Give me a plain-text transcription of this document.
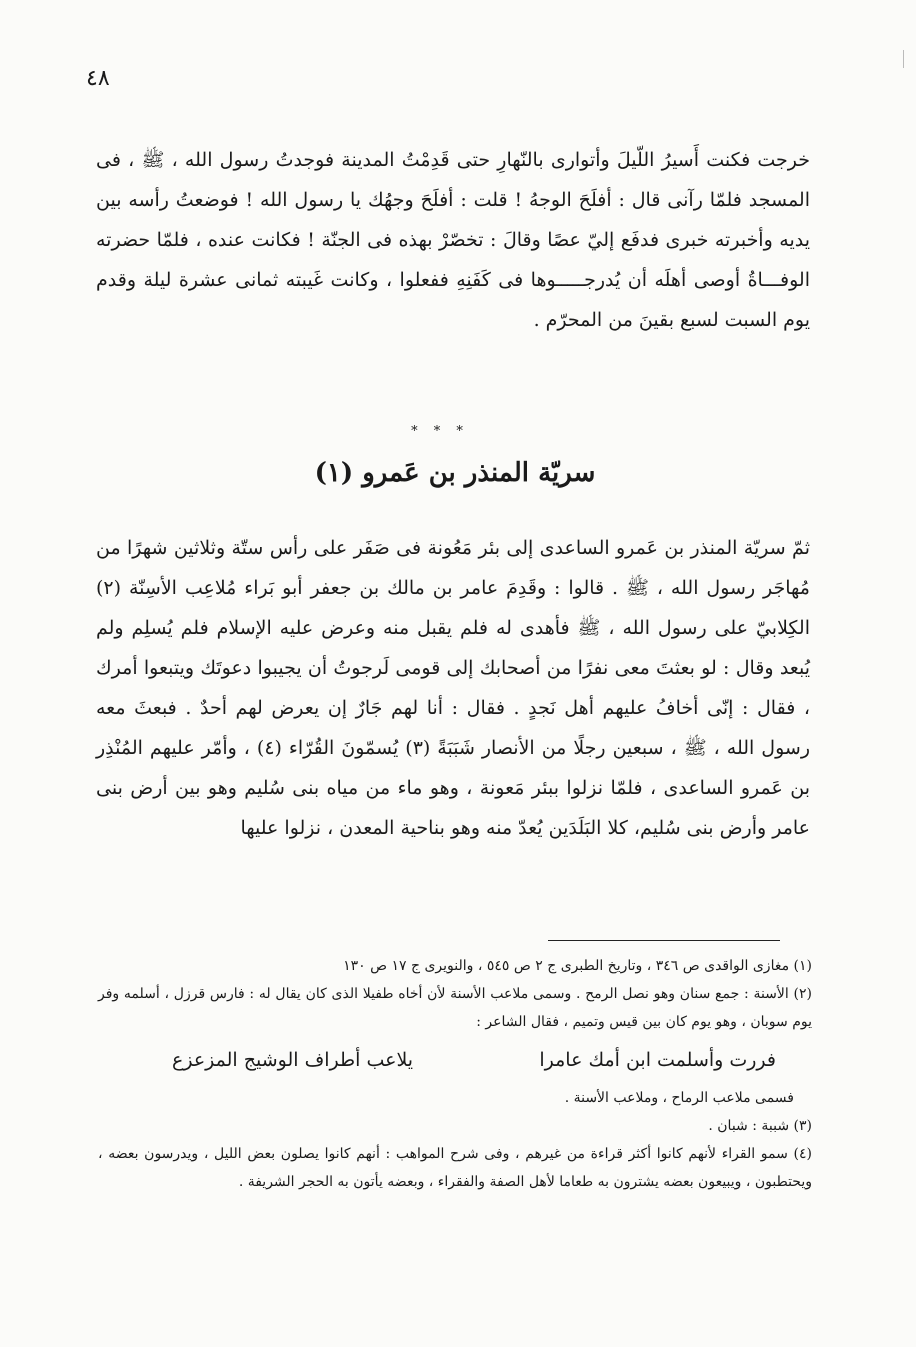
٤٨

خرجت فكنت أَسيرُ اللّيلَ وأتوارى بالنّهارِ حتى قَدِمْتُ المدينة فوجدتُ رسول الله ، ﷺ ، فى المسجد فلمّا رآنى قال : أفلَحَ الوجهُ ! قلت : أفلَحَ وجهُك يا رسول الله ! فوضعتُ رأسه بين يديه وأخبرته خبرى فدفَع إليّ عصًا وقالَ : تخصّرْ بهذه فى الجنّة ! فكانت عنده ، فلمّا حضرته الوفـــاةُ أوصى أهلَه أن يُدرجـــــوها فى كَفَنِهِ ففعلوا ، وكانت غَيبته ثمانى عشرة ليلة وقدم يوم السبت لسبع بقينَ من المحرّم .

* * *
سريّة المنذر بن عَمرو (١)

ثمّ سريّة المنذر بن عَمرو الساعدى إلى بئر مَعُونة فى صَفَر على رأس ستّة وثلاثين شهرًا من مُهاجَر رسول الله ، ﷺ . قالوا : وقَدِمَ عامر بن مالك بن جعفر أبو بَراء مُلاعِب الأسِنّة (٢) الكِلابيّ على رسول الله ، ﷺ فأهدى له فلم يقبل منه وعرض عليه الإسلام فلم يُسلِم ولم يُبعد وقال : لو بعثتَ معى نفرًا من أصحابك إلى قومى لَرجوتُ أن يجيبوا دعوتَك ويتبعوا أمرك ، فقال : إنّى أخافُ عليهم أهل نَجدٍ . فقال : أنا لهم جَارٌ إن يعرض لهم أحدٌ . فبعثَ معه رسول الله ، ﷺ ، سبعين رجلًا من الأنصار شَبَبَةً (٣) يُسمّونَ القُرّاء (٤) ، وأمّر عليهم المُنْذِر بن عَمرو الساعدى ، فلمّا نزلوا ببئر مَعونة ، وهو ماء من مياه بنى سُليم وهو بين أرض بنى عامر وأرض بنى سُليم، كلا البَلَدَين يُعدّ منه وهو بناحية المعدن ، نزلوا عليها

(١) مغازى الواقدى ص ٣٤٦ ، وتاريخ الطبرى ج ٢ ص ٥٤٥ ، والنويرى ج ١٧ ص ١٣٠

(٢) الأسنة : جمع سنان وهو نصل الرمح . وسمى ملاعب الأسنة لأن أخاه طفيلا الذى كان يقال له : فارس قرزل ، أسلمه وفر يوم سوبان ، وهو يوم كان بين قيس وتميم ، فقال الشاعر :

فررت وأسلمت ابن أمك عامرا
يلاعب أطراف الوشيج المزعزع

فسمى ملاعب الرماح ، وملاعب الأسنة .

(٣) شببة : شبان .

(٤) سمو القراء لأنهم كانوا أكثر قراءة من غيرهم ، وفى شرح المواهب : أنهم كانوا يصلون بعض الليل ، ويدرسون بعضه ، ويحتطبون ، ويبيعون بعضه يشترون به طعاما لأهل الصفة والفقراء ، وبعضه يأتون به الحجر الشريفة .
